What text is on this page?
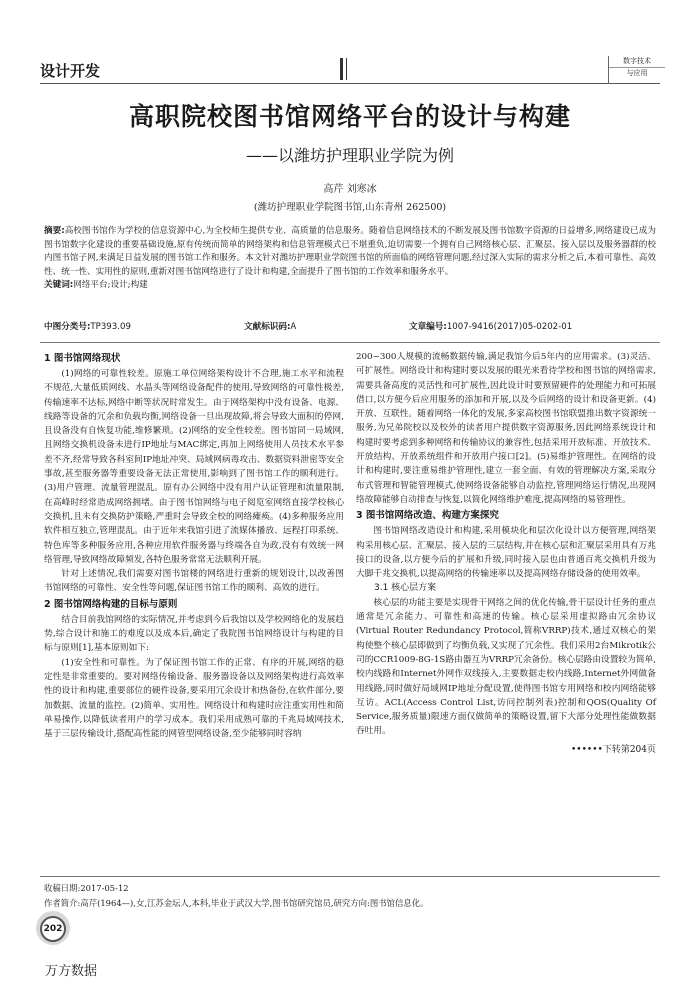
设计开发
数字技术
与应用
高职院校图书馆网络平台的设计与构建
——以潍坊护理职业学院为例
高芹 刘寒冰
(潍坊护理职业学院图书馆,山东青州 262500)
摘要:高校图书馆作为学校的信息资源中心,为全校师生提供专业、高质量的信息服务。随着信息网络技术的不断发展及图书馆数字资源的日益增多,网络建设已成为图书馆数字化建设的重要基础设施,原有传统而简单的网络架构和信息管理模式已不堪重负,迫切需要一个拥有自己网络核心层、汇聚层、接入层以及服务器群的校内图书馆子网,来满足日益发展的图书馆工作和服务。本文针对潍坊护理职业学院图书馆的所面临的网络管理问题,经过深入实际的需求分析之后,本着可靠性、高效性、统一性、实用性的原则,重新对图书馆网络进行了设计和构建,全面提升了图书馆的工作效率和服务水平。
关键词:网络平台;设计;构建
中图分类号:TP393.09	文献标识码:A	文章编号:1007-9416(2017)05-0202-01
1 图书馆网络现状

(1)网络的可靠性较差。原施工单位网络架构设计不合理,施工水平和流程不规范,大量低质网线、水晶头等网络设备配件的使用,导致网络的可靠性极差,传输速率不达标,网络中断等状况时常发生。由于网络架构中没有设备、电源、线路等设备的冗余和负载均衡,网络设备一旦出现故障,将会导致大面积的停网,且设备没有自恢复功能,维修繁琐。(2)网络的安全性较差。图书馆同一局域网,且网络交换机设备未进行IP地址与MAC绑定,再加上网络使用人员技术水平参差不齐,经常导致各科室间IP地址冲突、局域网病毒攻击、数据资料泄密等安全事故,甚至服务器等重要设备无法正常使用,影响到了图书馆工作的顺利进行。(3)用户管理、流量管理混乱。原有办公网络中没有用户认证管理和流量限制,在高峰时经常造成网络拥堵。由于图书馆网络与电子阅览室网络直接学校核心交换机,且未有交换防护策略,严重时会导致全校的网络瘫痪。(4)多种服务应用软件相互独立,管理混乱。由于近年来我馆引进了流媒体播放、远程打印系统、特色库等多种服务应用,各种应用软件服务器与终端各自为政,没有有效统一网络管理,导致网络故障频发,各特色服务常常无法顺利开展。

针对上述情况,我们需要对图书馆楼的网络进行重新的规划设计,以改善图书馆网络的可靠性、安全性等问题,保证图书馆工作的顺利、高效的进行。

2 图书馆网络构建的目标与原则

结合目前我馆网络的实际情况,并考虑到今后我馆以及学校网络化的发展趋势,综合设计和施工的难度以及成本后,确定了我院图书馆网络设计与构建的目标与原则[1],基本原则如下:

(1)安全性和可靠性。为了保证图书馆工作的正常、有序的开展,网络的稳定性是非常重要的。要对网络传输设备、服务器设备以及网络架构进行高效率性的设计和构建,重要部位的硬件设备,要采用冗余设计和热备份,在软件部分,要加数据、流量的监控。(2)简单、实用性。网络设计和构建时应注重实用性和简单易操作,以降低读者用户的学习成本。我们采用成熟可靠的千兆局域网技术,基于三层传输设计,搭配高性能的网管型网络设备,至少能够同时容纳

200~300人规模的流畅数据传输,满足我馆今后5年内的应用需求。(3)灵活、可扩展性。网络设计和构建时要以发展的眼光来看待学校和图书馆的网络需求,需要具备高度的灵活性和可扩展性,因此设计时要预留硬件的处理能力和可拓展借口,以方便今后应用服务的添加和开展,以及今后网络的设计和设备更新。(4)开放、互联性。随着网络一体化的发展,多家高校图书馆联盟推出数字资源统一服务,为兄弟院校以及校外的读者用户提供数字资源服务,因此网络系统设计和构建时要考虑到多种网络和传输协议的兼容性,包括采用开放标准、开放技术、开放结构、开放系统组件和开放用户接口[2]。(5)易维护管理性。在网络的设计和构建时,要注重易维护管理性,建立一套全面、有效的管理解决方案,采取分布式管理和智能管理模式,使网络设备能够自动监控,管理网络运行情况,出现网络故障能够自动排查与恢复,以简化网络维护难度,提高网络的易管理性。

3 图书馆网络改造、构建方案探究

图书馆网络改造设计和构建,采用模块化和层次化设计以方便管理,网络架构采用核心层、汇聚层、接入层的三层结构,并在核心层和汇聚层采用具有万兆接口的设备,以方便今后的扩展和升级,同时接入层也由普通百兆交换机升级为大脚千兆交换机,以提高网络的传输速率以及提高网络存储设备的使用效率。

3.1 核心层方案

核心层的功能主要是实现骨干网络之间的优化传输,骨干层设计任务的重点通常是冗余能力、可靠性和高速的传输。核心层采用虚拟路由冗余协议(Virtual Router Redundancy Protocol,简称VRRP)技术,通过双核心的架构使整个核心层即做到了均衡负载,又实现了冗余性。我们采用2台Mikrotik公司的CCR1009-8G-1S路由器互为VRRP冗余备份。核心层路由设置较为简单,校内线路和Internet外网作双线接入,主要数据走校内线路,Internet外网做备用线路,同时做好局域网IP地址分配设置,使得图书馆专用网络和校内网络能够互访。ACL(Access Control List,访问控制列表)控制和QOS(Quality Of Service,服务质量)限速方面仅做简单的策略设置,留下大部分处理性能做数据吞吐用。

••••••下转第204页
收稿日期:2017-05-12
作者简介:高芹(1964—),女,江苏金坛人,本科,毕业于武汉大学,图书馆研究馆员,研究方向:图书馆信息化。
202
万方数据
